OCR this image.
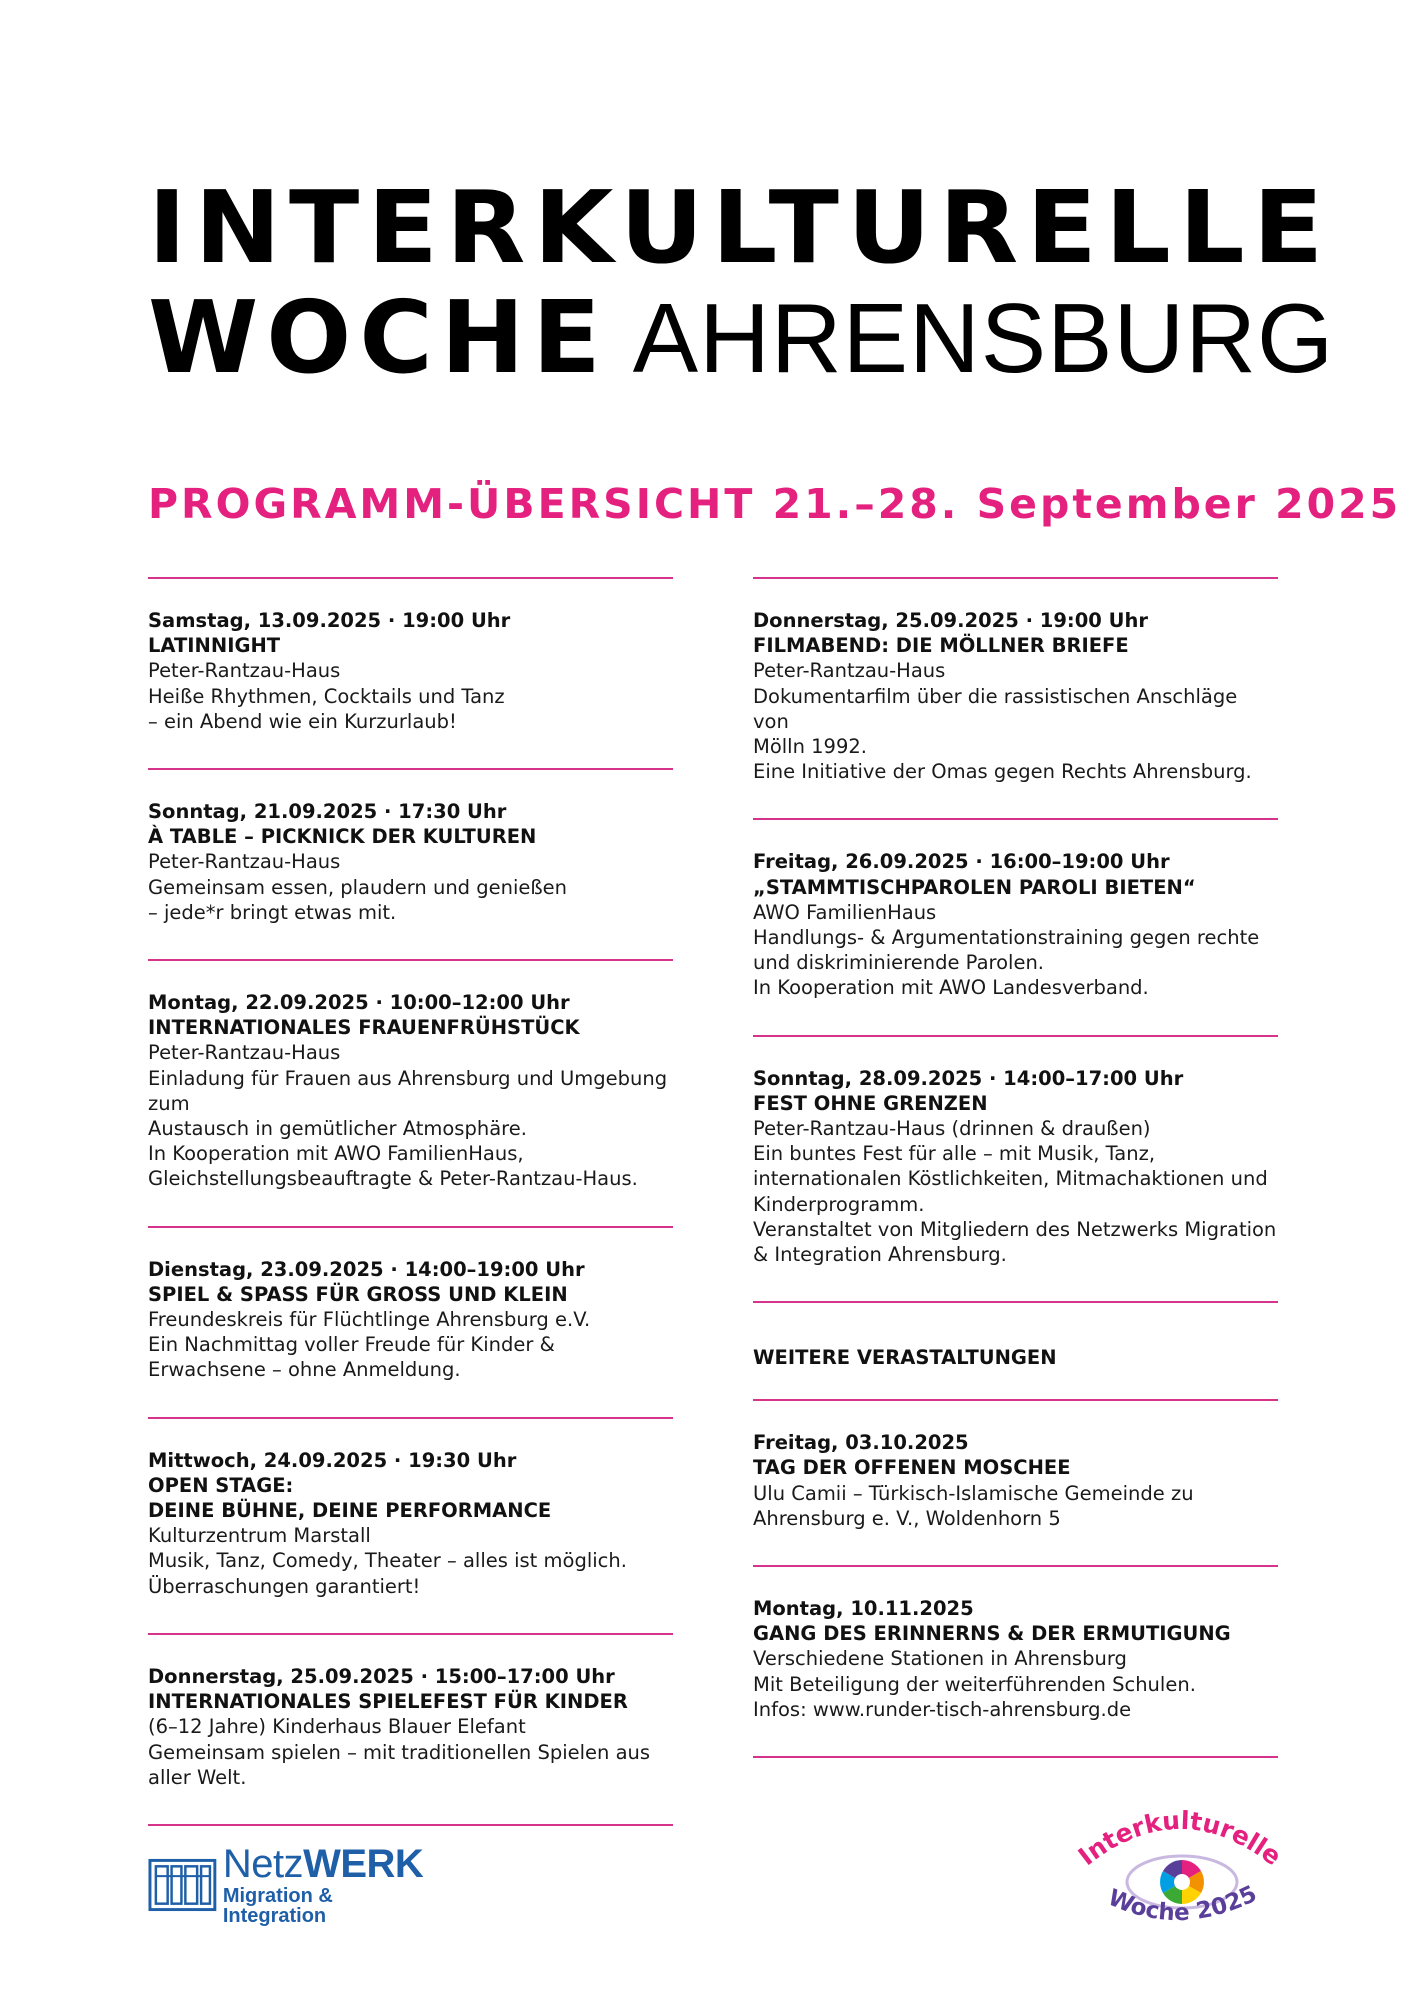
INTERKULTURELLE
WOCHE AHRENSBURG
PROGRAMM-ÜBERSICHT 21.–28. September 2025
Samstag, 13.09.2025 · 19:00 Uhr
LATINNIGHT
Peter-Rantzau-Haus
Heiße Rhythmen, Cocktails und Tanz
– ein Abend wie ein Kurzurlaub!
Sonntag, 21.09.2025 · 17:30 Uhr
À TABLE – PICKNICK DER KULTUREN
Peter-Rantzau-Haus
Gemeinsam essen, plaudern und genießen
– jede*r bringt etwas mit.
Montag, 22.09.2025 · 10:00–12:00 Uhr
INTERNATIONALES FRAUENFRÜHSTÜCK
Peter-Rantzau-Haus
Einladung für Frauen aus Ahrensburg und Umgebung zum
Austausch in gemütlicher Atmosphäre.
In Kooperation mit AWO FamilienHaus,
Gleichstellungsbeauftragte & Peter-Rantzau-Haus.
Dienstag, 23.09.2025 · 14:00–19:00 Uhr
SPIEL & SPASS FÜR GROSS UND KLEIN
Freundeskreis für Flüchtlinge Ahrensburg e.V.
Ein Nachmittag voller Freude für Kinder &
Erwachsene – ohne Anmeldung.
Mittwoch, 24.09.2025 · 19:30 Uhr
OPEN STAGE:
DEINE BÜHNE, DEINE PERFORMANCE
Kulturzentrum Marstall
Musik, Tanz, Comedy, Theater – alles ist möglich.
Überraschungen garantiert!
Donnerstag, 25.09.2025 · 15:00–17:00 Uhr
INTERNATIONALES SPIELEFEST FÜR KINDER
(6–12 Jahre) Kinderhaus Blauer Elefant
Gemeinsam spielen – mit traditionellen Spielen aus
aller Welt.
Donnerstag, 25.09.2025 · 19:00 Uhr
FILMABEND: DIE MÖLLNER BRIEFE
Peter-Rantzau-Haus
Dokumentarfilm über die rassistischen Anschläge von
Mölln 1992.
Eine Initiative der Omas gegen Rechts Ahrensburg.
Freitag, 26.09.2025 · 16:00–19:00 Uhr
„STAMMTISCHPAROLEN PAROLI BIETEN“
AWO FamilienHaus
Handlungs- & Argumentationstraining gegen rechte
und diskriminierende Parolen.
In Kooperation mit AWO Landesverband.
Sonntag, 28.09.2025 · 14:00–17:00 Uhr
FEST OHNE GRENZEN
Peter-Rantzau-Haus (drinnen & draußen)
Ein buntes Fest für alle – mit Musik, Tanz,
internationalen Köstlichkeiten, Mitmachaktionen und
Kinderprogramm.
Veranstaltet von Mitgliedern des Netzwerks Migration
& Integration Ahrensburg.
WEITERE VERASTALTUNGEN
Freitag, 03.10.2025
TAG DER OFFENEN MOSCHEE
Ulu Camii – Türkisch-Islamische Gemeinde zu
Ahrensburg e. V., Woldenhorn 5
Montag, 10.11.2025
GANG DES ERINNERNS & DER ERMUTIGUNG
Verschiedene Stationen in Ahrensburg
Mit Beteiligung der weiterführenden Schulen.
Infos: www.runder-tisch-ahrensburg.de
NetzWERK
Migration & Integration
Interkulturelle
Woche 2025
